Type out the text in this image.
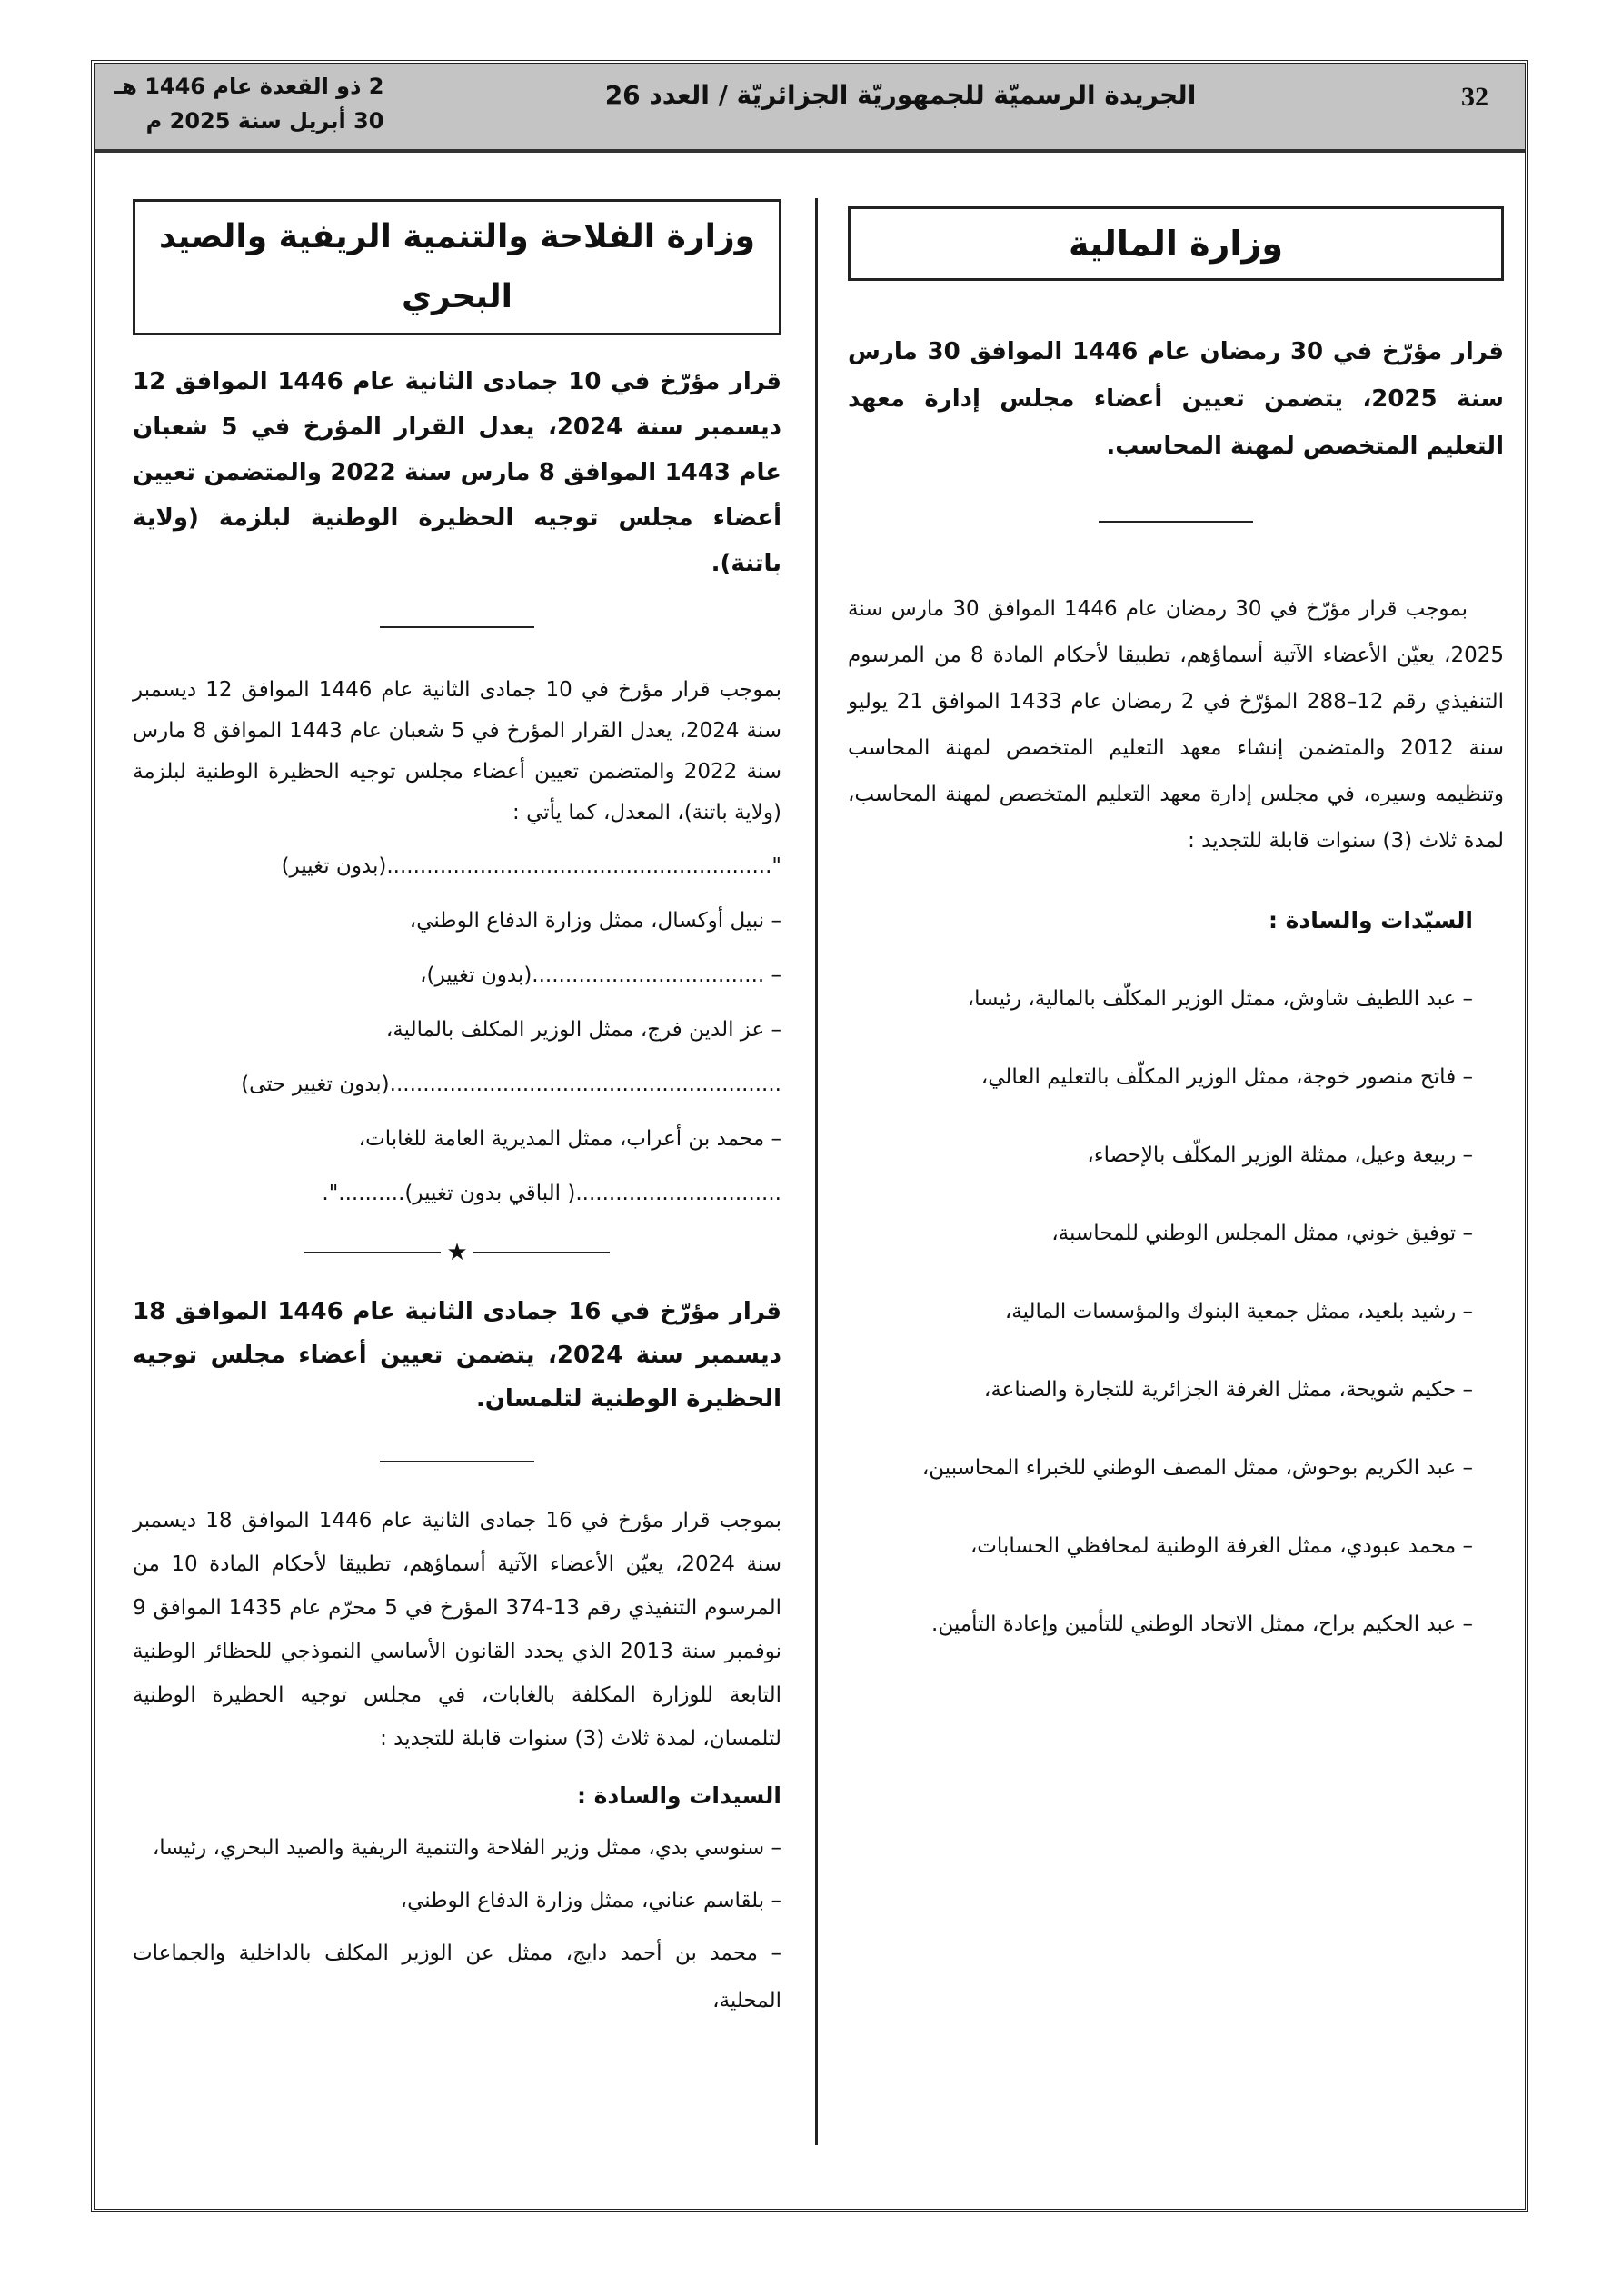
32
الجريدة الرسميّة للجمهوريّة الجزائريّة / العدد 26
2 ذو القعدة عام 1446 هـ
30 أبريل سنة 2025 م
وزارة المالية
قرار مؤرّخ في 30 رمضان عام 1446 الموافق 30 مارس سنة 2025، يتضمن تعيين أعضاء مجلس إدارة معهد التعليم المتخصص لمهنة المحاسب.
بموجب قرار مؤرّخ في 30 رمضان عام 1446 الموافق 30 مارس سنة 2025، يعيّن الأعضاء الآتية أسماؤهم، تطبيقا لأحكام المادة 8 من المرسوم التنفيذي رقم 12–288 المؤرّخ في 2 رمضان عام 1433 الموافق 21 يوليو سنة 2012 والمتضمن إنشاء معهد التعليم المتخصص لمهنة المحاسب وتنظيمه وسيره، في مجلس إدارة معهد التعليم المتخصص لمهنة المحاسب، لمدة ثلاث (3) سنوات قابلة للتجديد :
السيّدات والسادة :
– عبد اللطيف شاوش، ممثل الوزير المكلّف بالمالية، رئيسا،
– فاتح منصور خوجة، ممثل الوزير المكلّف بالتعليم العالي،
– ربيعة وعيل، ممثلة الوزير المكلّف بالإحصاء،
– توفيق خوني، ممثل المجلس الوطني للمحاسبة،
– رشيد بلعيد، ممثل جمعية البنوك والمؤسسات المالية،
– حكيم شويحة، ممثل الغرفة الجزائرية للتجارة والصناعة،
– عبد الكريم بوحوش، ممثل المصف الوطني للخبراء المحاسبين،
– محمد عبودي، ممثل الغرفة الوطنية لمحافظي الحسابات،
– عبد الحكيم براح، ممثل الاتحاد الوطني للتأمين وإعادة التأمين.
وزارة الفلاحة والتنمية الريفية والصيد البحري
قرار مؤرّخ في 10 جمادى الثانية عام 1446 الموافق 12 ديسمبر سنة 2024، يعدل القرار المؤرخ في 5 شعبان عام 1443 الموافق 8 مارس سنة 2022 والمتضمن تعيين أعضاء مجلس توجيه الحظيرة الوطنية لبلزمة (ولاية باتنة).
بموجب قرار مؤرخ في 10 جمادى الثانية عام 1446 الموافق 12 ديسمبر سنة 2024، يعدل القرار المؤرخ في 5 شعبان عام 1443 الموافق 8 مارس سنة 2022 والمتضمن تعيين أعضاء مجلس توجيه الحظيرة الوطنية لبلزمة (ولاية باتنة)، المعدل، كما يأتي :
"..........................................................(بدون تغيير)
– نبيل أوكسال، ممثل وزارة الدفاع الوطني،
– ...................................(بدون تغيير)،
– عز الدين فرج، ممثل الوزير المكلف بالمالية،
...........................................................(بدون تغيير حتى)
– محمد بن أعراب، ممثل المديرية العامة للغابات،
...............................( الباقي بدون تغيير)..........".
★
قرار مؤرّخ في 16 جمادى الثانية عام 1446 الموافق 18 ديسمبر سنة 2024، يتضمن تعيين أعضاء مجلس توجيه الحظيرة الوطنية لتلمسان.
بموجب قرار مؤرخ في 16 جمادى الثانية عام 1446 الموافق 18 ديسمبر سنة 2024، يعيّن الأعضاء الآتية أسماؤهم، تطبيقا لأحكام المادة 10 من المرسوم التنفيذي رقم 13-374 المؤرخ في 5 محرّم عام 1435 الموافق 9 نوفمبر سنة 2013 الذي يحدد القانون الأساسي النموذجي للحظائر الوطنية التابعة للوزارة المكلفة بالغابات، في مجلس توجيه الحظيرة الوطنية لتلمسان، لمدة ثلاث (3) سنوات قابلة للتجديد :
السيدات والسادة :
– سنوسي بدي، ممثل وزير الفلاحة والتنمية الريفية والصيد البحري، رئيسا،
– بلقاسم عناني، ممثل وزارة الدفاع الوطني،
– محمد بن أحمد دايج، ممثل عن الوزير المكلف بالداخلية والجماعات المحلية،
